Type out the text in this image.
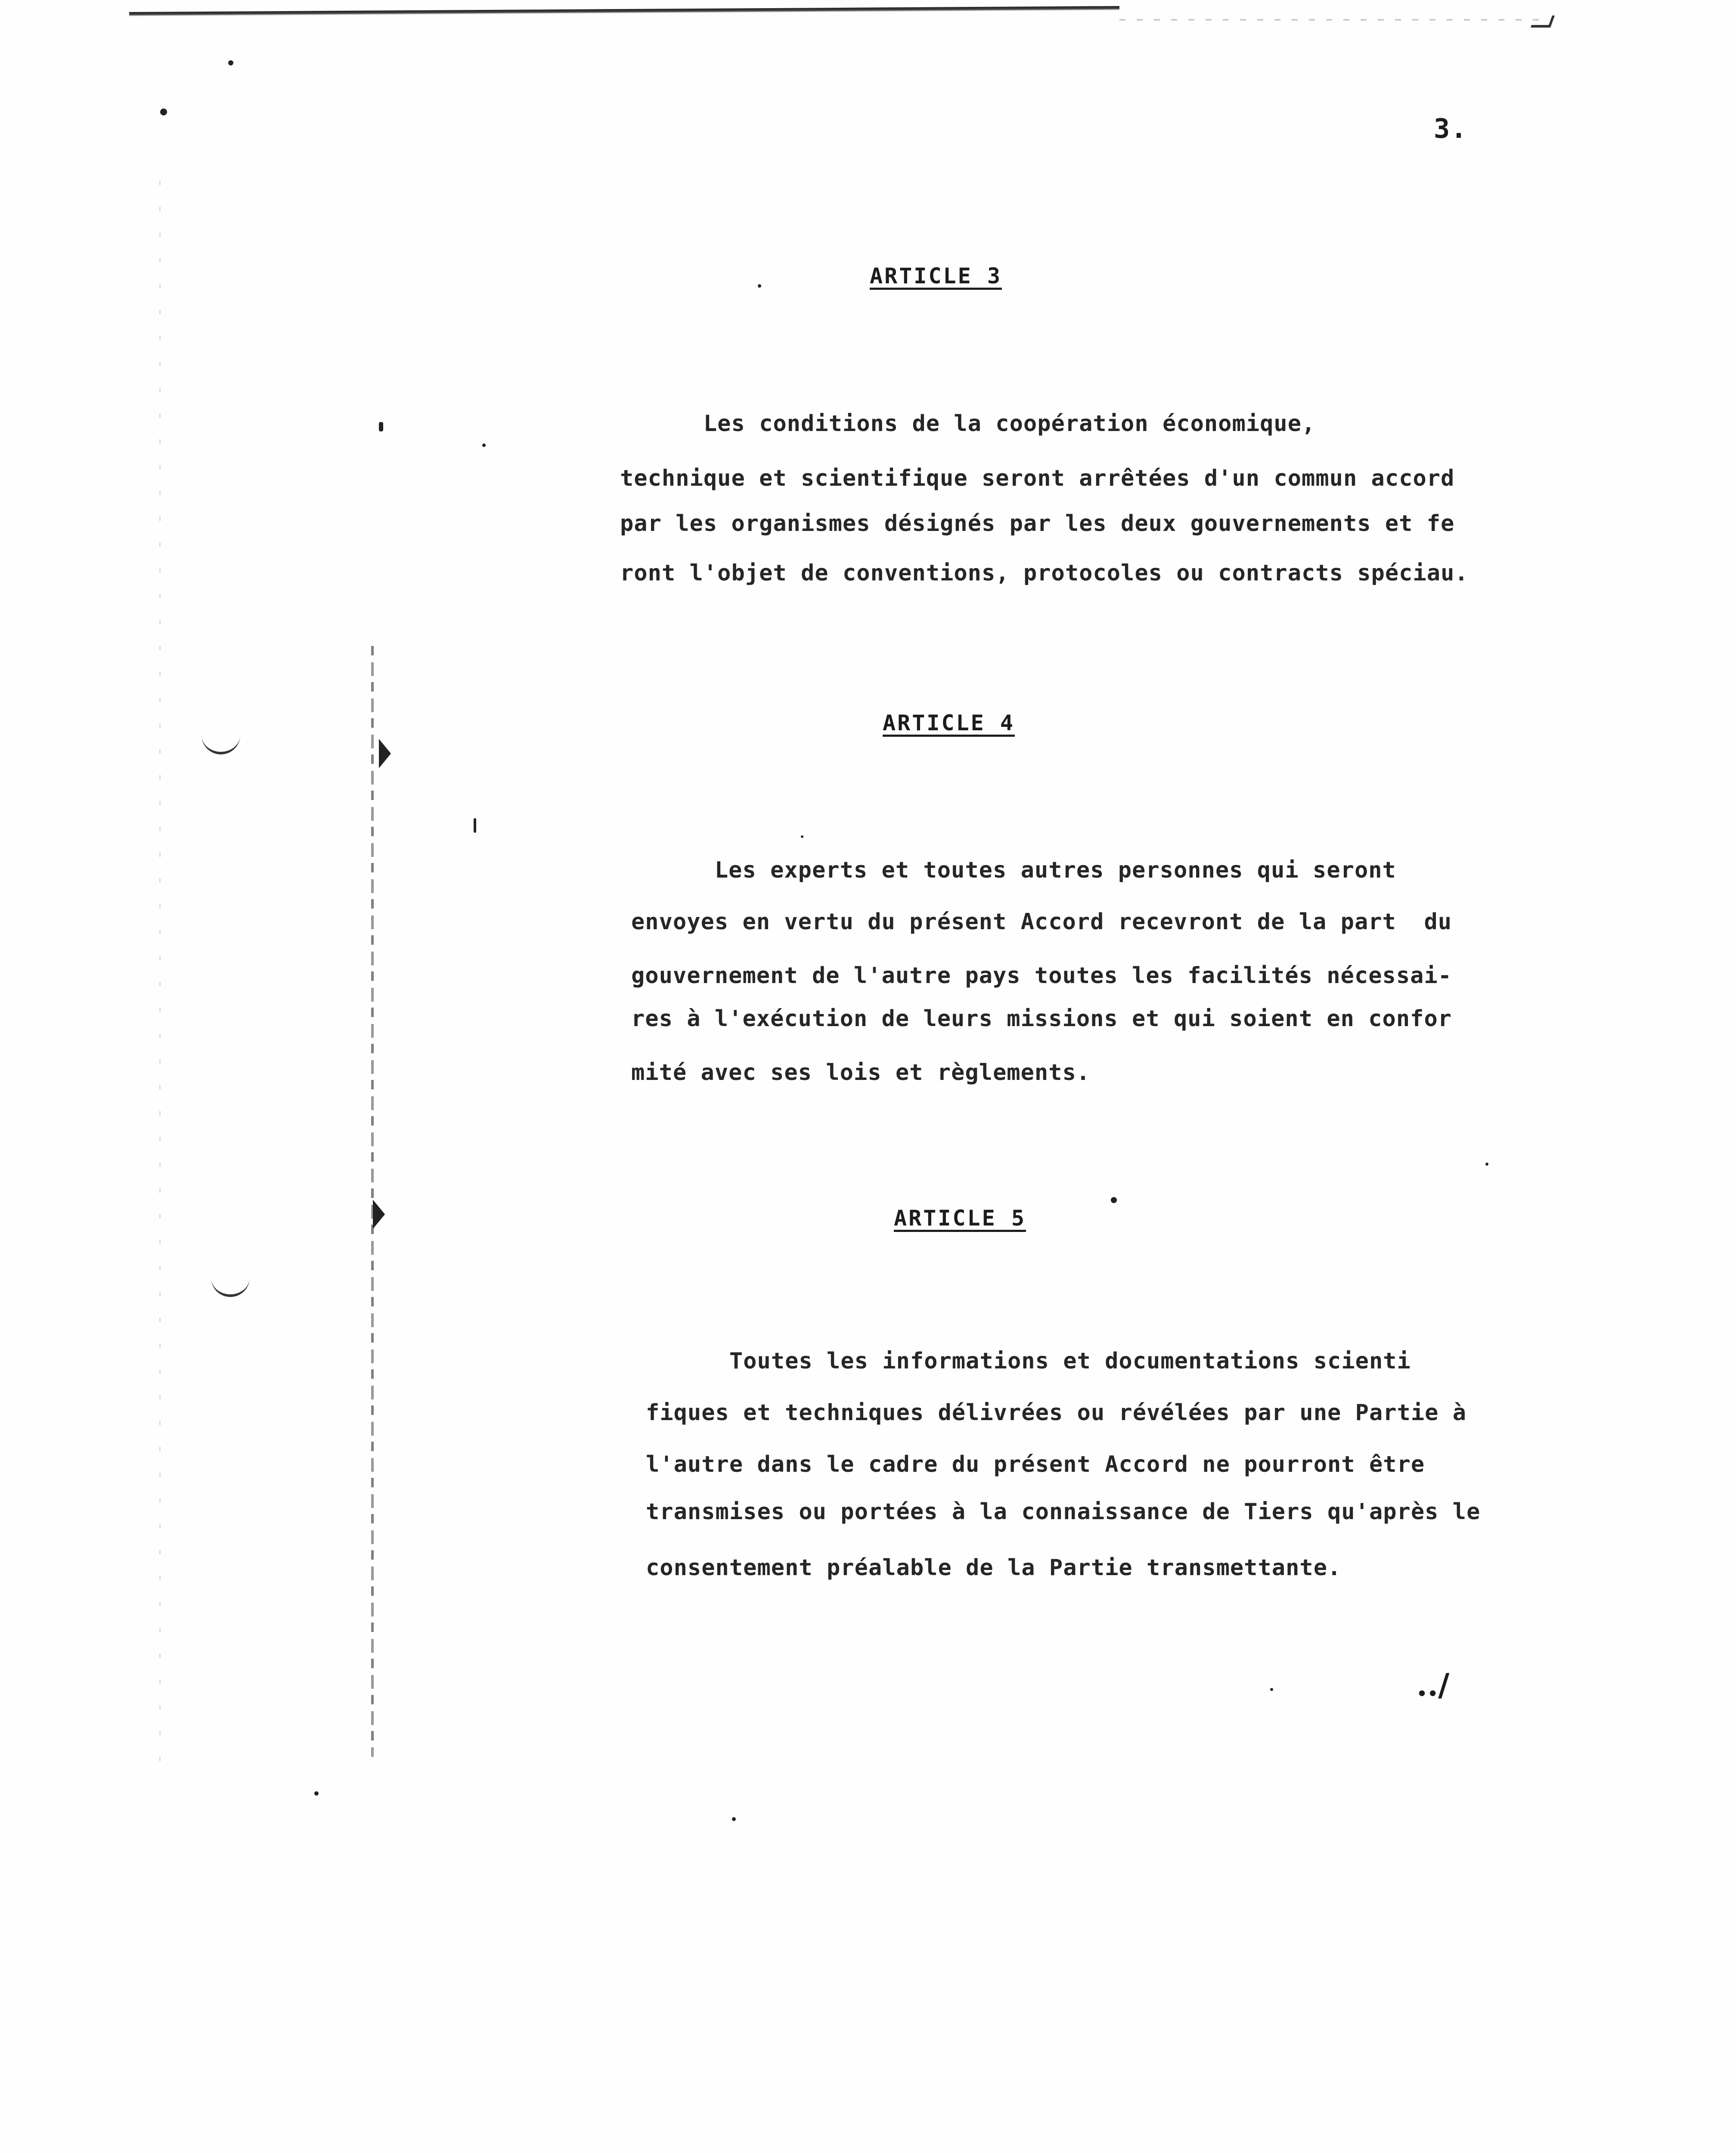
3.
ARTICLE 3
Les conditions de la coopération économique,
technique et scientifique seront arrêtées d'un commun accord
par les organismes désignés par les deux gouvernements et fe
ront l'objet de conventions, protocoles ou contracts spéciau.
ARTICLE 4
Les experts et toutes autres personnes qui seront
envoyes en vertu du présent Accord recevront de la part  du
gouvernement de l'autre pays toutes les facilités nécessai-
res à l'exécution de leurs missions et qui soient en confor
mité avec ses lois et règlements.
ARTICLE 5
Toutes les informations et documentations scienti
fiques et techniques délivrées ou révélées par une Partie à
l'autre dans le cadre du présent Accord ne pourront être
transmises ou portées à la connaissance de Tiers qu'après le
consentement préalable de la Partie transmettante.
../
